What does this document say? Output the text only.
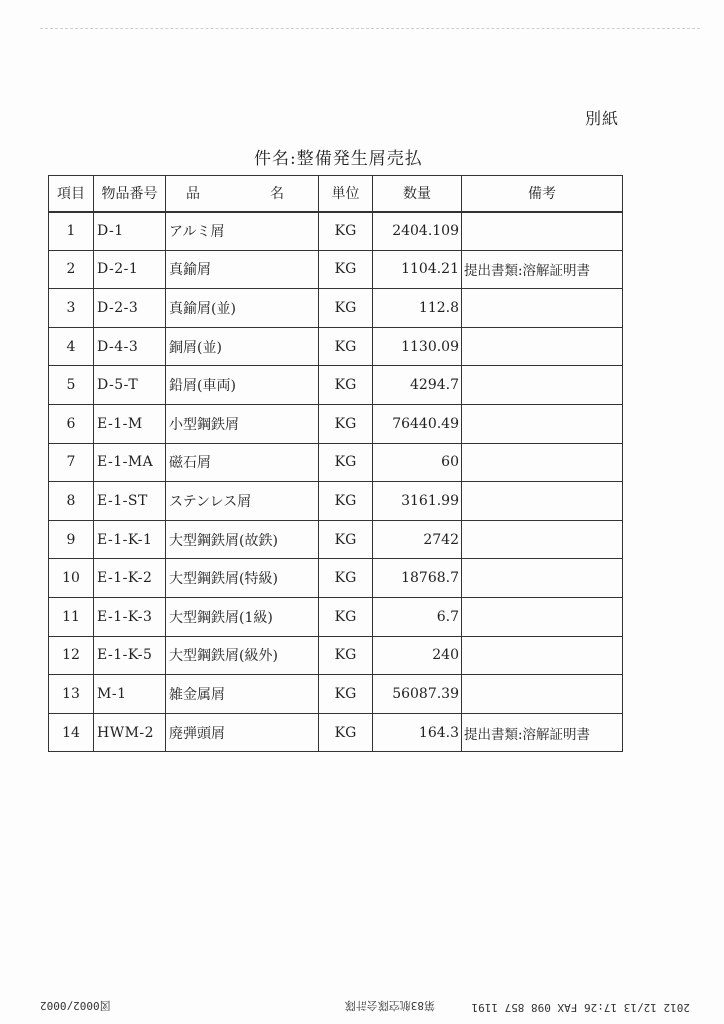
別紙
件名:整備発生屑売払
項目	物品番号	品　　名	単位	数量	備考
1	D-1	アルミ屑	KG	2404.109	
2	D-2-1	真鍮屑	KG	1104.21	提出書類:溶解証明書
3	D-2-3	真鍮屑(並)	KG	112.8	
4	D-4-3	銅屑(並)	KG	1130.09	
5	D-5-T	鉛屑(車両)	KG	4294.7	
6	E-1-M	小型鋼鉄屑	KG	76440.49	
7	E-1-MA	磁石屑	KG	60	
8	E-1-ST	ステンレス屑	KG	3161.99	
9	E-1-K-1	大型鋼鉄屑(故鉄)	KG	2742	
10	E-1-K-2	大型鋼鉄屑(特級)	KG	18768.7	
11	E-1-K-3	大型鋼鉄屑(1級)	KG	6.7	
12	E-1-K-5	大型鋼鉄屑(級外)	KG	240	
13	M-1	雑金属屑	KG	56087.39	
14	HWM-2	廃弾頭屑	KG	164.3	提出書類:溶解証明書
2012 12/13 17:26 FAX 098 857 1191
第83航空隊会計隊
図0002/0002
